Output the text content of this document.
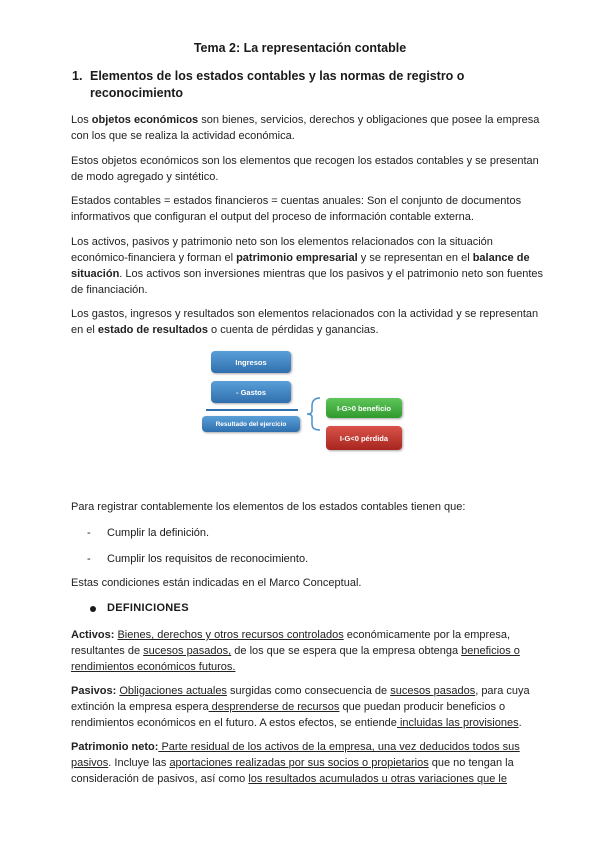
Tema 2: La representación contable
1. Elementos de los estados contables y las normas de registro o reconocimiento

Los objetos económicos son bienes, servicios, derechos y obligaciones que posee la empresa con los que se realiza la actividad económica.

Estos objetos económicos son los elementos que recogen los estados contables y se presentan de modo agregado y sintético.

Estados contables = estados financieros = cuentas anuales: Son el conjunto de documentos informativos que configuran el output del proceso de información contable externa.

Los activos, pasivos y patrimonio neto son los elementos relacionados con la situación económico-financiera y forman el patrimonio empresarial y se representan en el balance de situación. Los activos son inversiones mientras que los pasivos y el patrimonio neto son fuentes de financiación.

Los gastos, ingresos y resultados son elementos relacionados con la actividad y se representan en el estado de resultados o cuenta de pérdidas y ganancias.

Ingresos
- Gastos
Resultado del ejercicio
I-G>0 beneficio
I-G<0 pérdida

Para registrar contablemente los elementos de los estados contables tienen que:

- Cumplir la definición.

- Cumplir los requisitos de reconocimiento.

Estas condiciones están indicadas en el Marco Conceptual.

DEFINICIONES

Activos: Bienes, derechos y otros recursos controlados económicamente por la empresa, resultantes de sucesos pasados, de los que se espera que la empresa obtenga beneficios o rendimientos económicos futuros.

Pasivos: Obligaciones actuales surgidas como consecuencia de sucesos pasados, para cuya extinción la empresa espera desprenderse de recursos que puedan producir beneficios o rendimientos económicos en el futuro. A estos efectos, se entiende incluidas las provisiones.

Patrimonio neto: Parte residual de los activos de la empresa, una vez deducidos todos sus pasivos. Incluye las aportaciones realizadas por sus socios o propietarios que no tengan la consideración de pasivos, así como los resultados acumulados u otras variaciones que le
